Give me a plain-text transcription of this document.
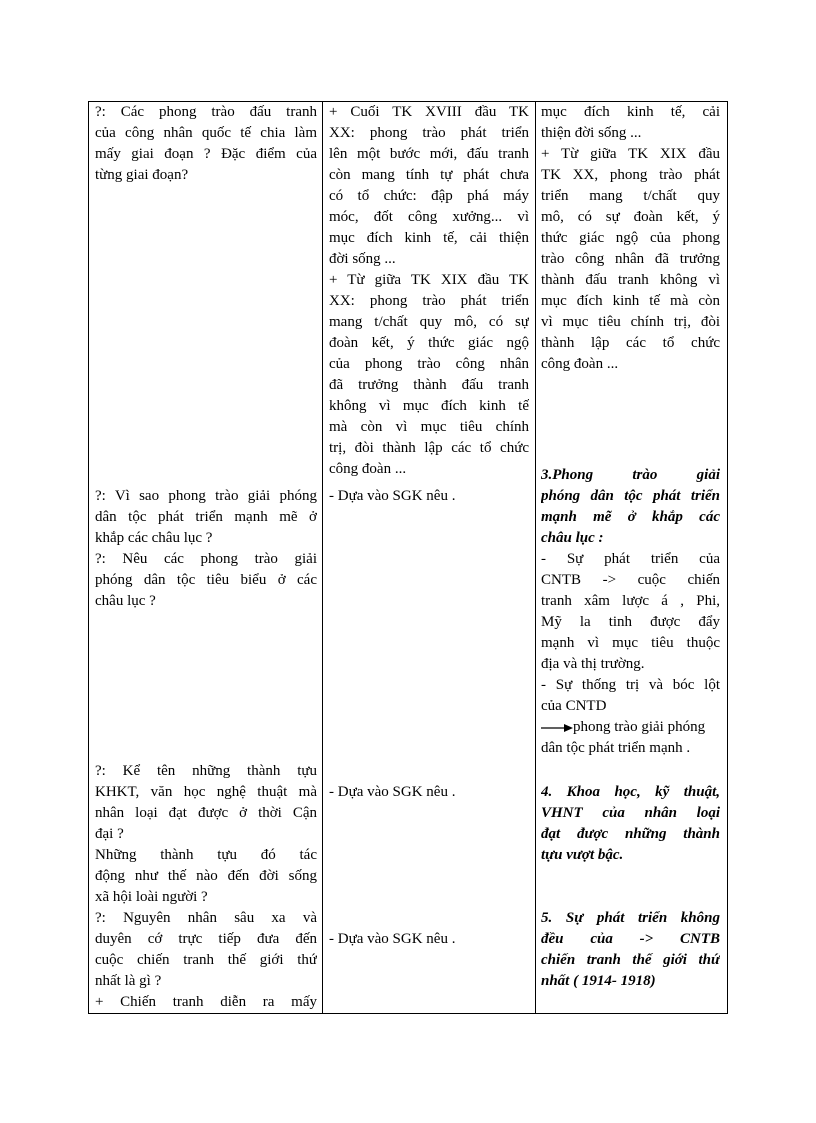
?: Các phong trào đấu tranh
của công nhân quốc tế chia làm
mấy giai đoạn ? Đặc điểm của
từng giai đoạn?
?: Vì sao phong trào giải phóng
dân tộc phát triển mạnh mẽ ở
khắp các châu lục ?
?: Nêu các phong trào giải
phóng dân tộc tiêu biểu ở các
châu lục ?
?: Kể tên những thành tựu
KHKT, văn học nghệ thuật mà
nhân loại đạt được ở thời Cận
đại ?
Những thành tựu đó tác
động như thế nào đến đời sống
xã hội loài người ?
?: Nguyên nhân sâu xa và
duyên cớ trực tiếp đưa đến
cuộc chiến tranh thế giới thứ
nhất là gì ?
+ Chiến tranh diễn ra mấy
+ Cuối TK XVIII đầu TK
XX: phong trào phát triển
lên một bước mới, đấu tranh
còn mang tính tự phát chưa
có tổ chức: đập phá máy
móc, đốt công xưởng... vì
mục đích kinh tế, cải thiện
đời sống ...
+ Từ giữa TK XIX đầu TK
XX: phong trào phát triển
mang t/chất quy mô, có sự
đoàn kết, ý thức giác ngộ
của phong trào công nhân
đã trưởng thành đấu tranh
không vì mục đích kinh tế
mà còn vì mục tiêu chính
trị, đòi thành lập các tổ chức
công đoàn ...
- Dựa vào SGK nêu .
- Dựa vào SGK nêu .
- Dựa vào SGK nêu .
mục đích kinh tế, cải
thiện đời sống ...
+ Từ giữa TK XIX đầu
TK XX, phong trào phát
triển mang t/chất quy
mô, có sự đoàn kết, ý
thức giác ngộ của phong
trào công nhân đã trưởng
thành đấu tranh không vì
mục đích kinh tế mà còn
vì mục tiêu chính trị, đòi
thành lập các tổ chức
công đoàn ...
3.Phong trào giải
phóng dân tộc phát triển
mạnh mẽ ở khắp các
châu lục :
- Sự phát triển của
CNTB -> cuộc chiến
tranh xâm lược á , Phi,
Mỹ la tinh được đẩy
mạnh vì mục tiêu thuộc
địa và thị trường.
- Sự thống trị và bóc lột
của CNTD
phong trào giải phóng
dân tộc phát triển mạnh .
4. Khoa học, kỹ thuật,
VHNT của nhân loại
đạt được những thành
tựu vượt bậc.
5. Sự phát triển không
đều của -> CNTB
chiến tranh thế giới thứ
nhất ( 1914- 1918)
